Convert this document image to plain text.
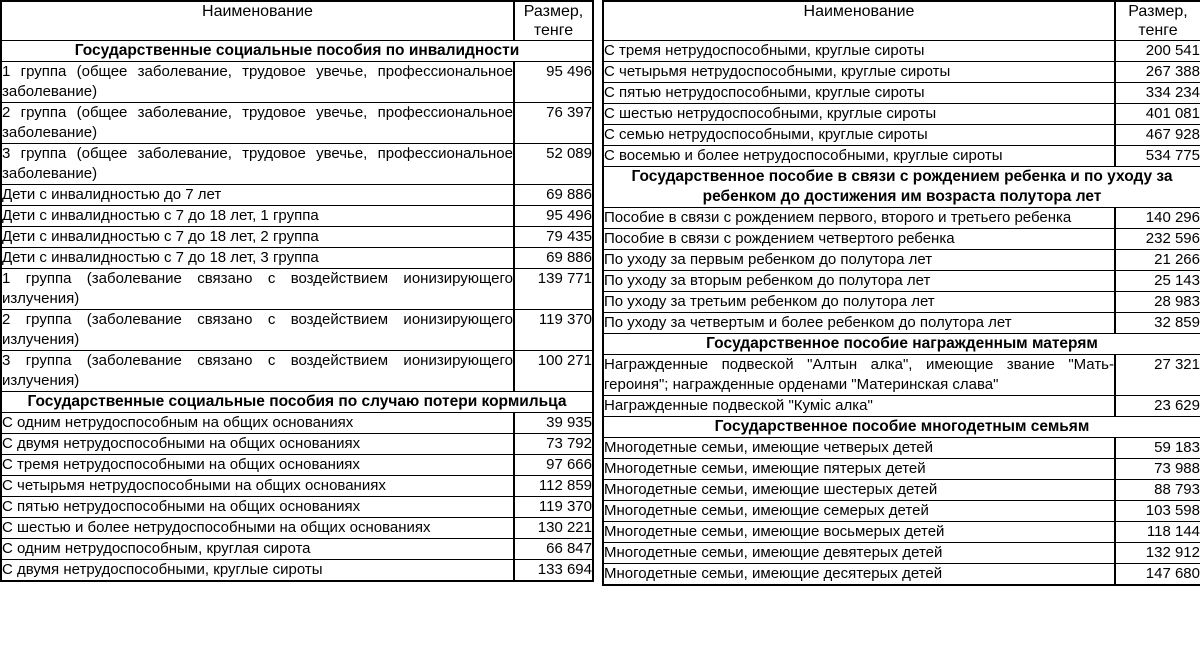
Наименование	Размер,
тенге

Государственные социальные пособия по инвалидности	
1 группа (общее заболевание, трудовое увечье, профессиональное заболевание)	95 496
2 группа (общее заболевание, трудовое увечье, профессиональное заболевание)	76 397
3 группа (общее заболевание, трудовое увечье, профессиональное заболевание)	52 089
Дети с инвалидностью до 7 лет	69 886
Дети с инвалидностью с 7 до 18 лет, 1 группа	95 496
Дети с инвалидностью с 7 до 18 лет, 2 группа	79 435
Дети с инвалидностью с 7 до 18 лет, 3 группа	69 886
1 группа (заболевание связано с воздействием ионизирующего излучения)	139 771
2 группа (заболевание связано с воздействием ионизирующего излучения)	119 370
3 группа (заболевание связано с воздействием ионизирующего излучения)	100 271
Государственные социальные пособия по случаю потери кормильца	
С одним нетрудоспособным на общих основаниях	39 935
С двумя нетрудоспособными на общих основаниях	73 792
С тремя нетрудоспособными на общих основаниях	97 666
С четырьмя нетрудоспособными на общих основаниях	112 859
С пятью нетрудоспособными на общих основаниях	119 370
С шестью и более нетрудоспособными на общих основаниях	130 221
С одним нетрудоспособным, круглая сирота	66 847
С двумя нетрудоспособными, круглые сироты	133 694
Наименование	Размер,
тенге

С тремя нетрудоспособными, круглые сироты	200 541
С четырьмя нетрудоспособными, круглые сироты	267 388
С пятью нетрудоспособными, круглые сироты	334 234
С шестью нетрудоспособными, круглые сироты	401 081
С семью нетрудоспособными, круглые сироты	467 928
С восемью и более нетрудоспособными, круглые сироты	534 775
Государственное пособие в связи с рождением ребенка и по уходу за ребенком до достижения им возраста полутора лет	
Пособие в связи с рождением первого, второго и третьего ребенка	140 296
Пособие в связи с рождением четвертого ребенка	232 596
По уходу за первым ребенком до полутора лет	21 266
По уходу за вторым ребенком до полутора лет	25 143
По уходу за третьим ребенком до полутора лет	28 983
По уходу за четвертым и более ребенком до полутора лет	32 859
Государственное пособие награжденным матерям	
Награжденные подвеской "Алтын алка", имеющие звание "Мать-героиня"; награжденные орденами "Материнская слава"	27 321
Награжденные подвеской "Кумic алка"	23 629
Государственное пособие многодетным семьям	
Многодетные семьи, имеющие четверых детей	59 183
Многодетные семьи, имеющие пятерых детей	73 988
Многодетные семьи, имеющие шестерых детей	88 793
Многодетные семьи, имеющие семерых детей	103 598
Многодетные семьи, имеющие восьмерых детей	118 144
Многодетные семьи, имеющие девятерых детей	132 912
Многодетные семьи, имеющие десятерых детей	147 680
